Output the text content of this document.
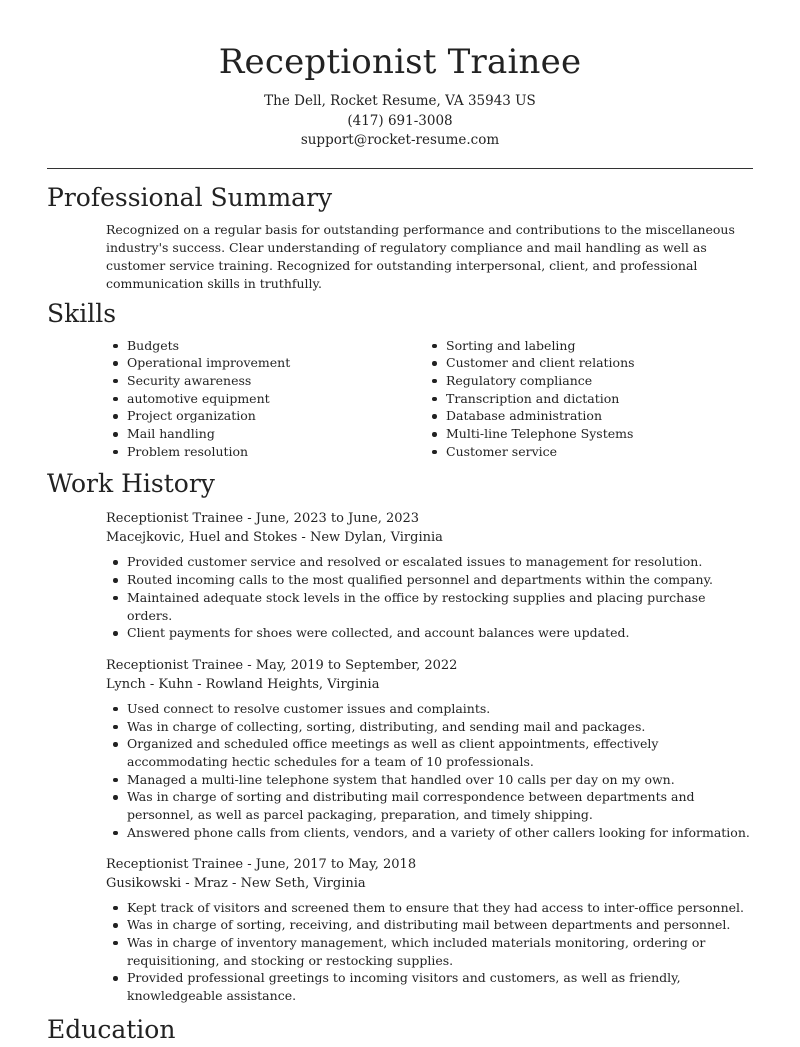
Receptionist Trainee
The Dell, Rocket Resume, VA 35943 US
(417) 691-3008
support@rocket-resume.com
Professional Summary

Recognized on a regular basis for outstanding performance and contributions to the miscellaneous industry's success. Clear understanding of regulatory compliance and mail handling as well as customer service training. Recognized for outstanding interpersonal, client, and professional communication skills in truthfully.

Skills
Budgets
Operational improvement
Security awareness
automotive equipment
Project organization
Mail handling
Problem resolution
Sorting and labeling
Customer and client relations
Regulatory compliance
Transcription and dictation
Database administration
Multi-line Telephone Systems
Customer service
Work History
Receptionist Trainee - June, 2023 to June, 2023
Macejkovic, Huel and Stokes - New Dylan, Virginia
Provided customer service and resolved or escalated issues to management for resolution.
Routed incoming calls to the most qualified personnel and departments within the company.
Maintained adequate stock levels in the office by restocking supplies and placing purchase orders.
Client payments for shoes were collected, and account balances were updated.
Receptionist Trainee - May, 2019 to September, 2022
Lynch - Kuhn - Rowland Heights, Virginia
Used connect to resolve customer issues and complaints.
Was in charge of collecting, sorting, distributing, and sending mail and packages.
Organized and scheduled office meetings as well as client appointments, effectively accommodating hectic schedules for a team of 10 professionals.
Managed a multi-line telephone system that handled over 10 calls per day on my own.
Was in charge of sorting and distributing mail correspondence between departments and personnel, as well as parcel packaging, preparation, and timely shipping.
Answered phone calls from clients, vendors, and a variety of other callers looking for information.
Receptionist Trainee - June, 2017 to May, 2018
Gusikowski - Mraz - New Seth, Virginia
Kept track of visitors and screened them to ensure that they had access to inter-office personnel.
Was in charge of sorting, receiving, and distributing mail between departments and personnel.
Was in charge of inventory management, which included materials monitoring, ordering or requisitioning, and stocking or restocking supplies.
Provided professional greetings to incoming visitors and customers, as well as friendly, knowledgeable assistance.
Education
